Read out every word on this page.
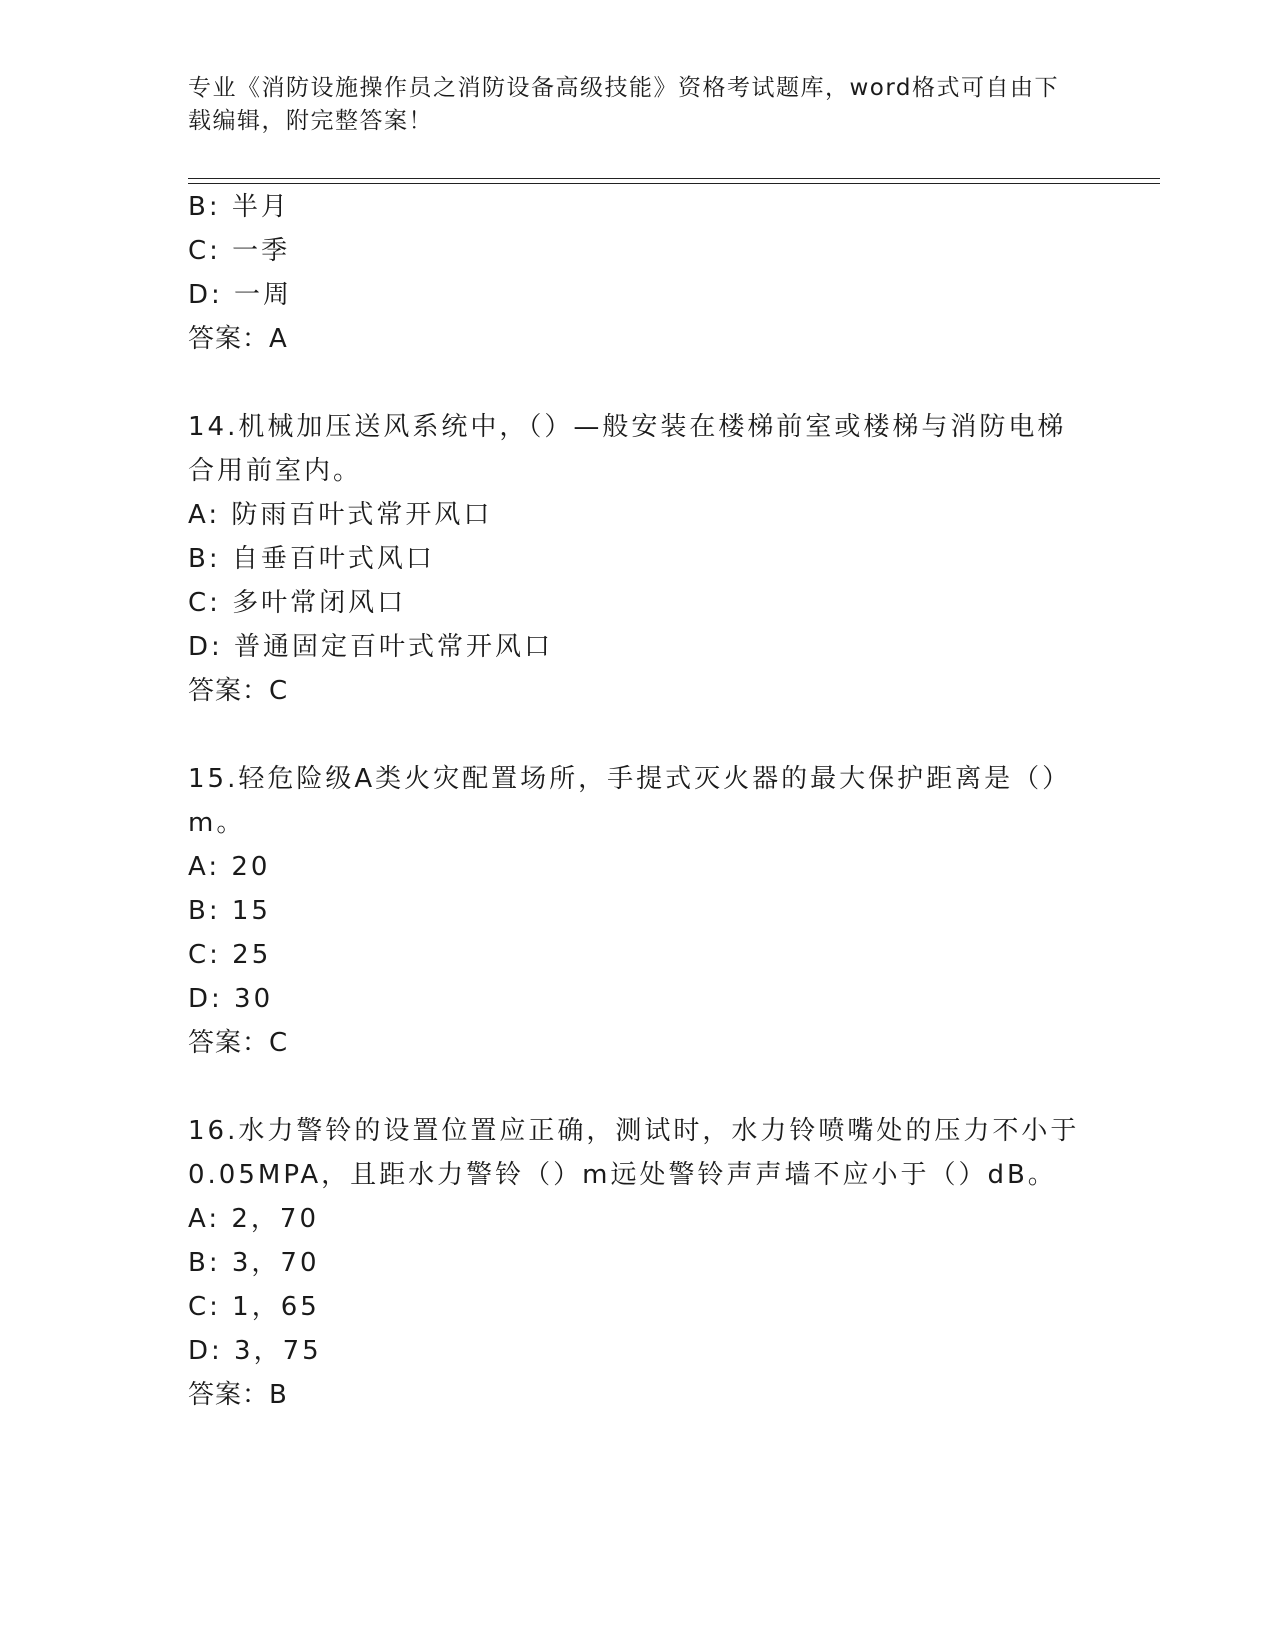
专业《消防设施操作员之消防设备高级技能》资格考试题库，word格式可自由下
载编辑，附完整答案！
B: 半月
C: 一季
D: 一周
答案：A
14.机械加压送风系统中，（）—般安装在楼梯前室或楼梯与消防电梯
合用前室内。
A: 防雨百叶式常开风口
B: 自垂百叶式风口
C: 多叶常闭风口
D: 普通固定百叶式常开风口
答案：C
15.轻危险级A类火灾配置场所，手提式灭火器的最大保护距离是（）
m。
A: 20
B: 15
C: 25
D: 30
答案：C
16.水力警铃的设置位置应正确，测试时，水力铃喷嘴处的压力不小于
0.05MPA，且距水力警铃（）m远处警铃声声墙不应小于（）dB。
A: 2，70
B: 3，70
C: 1，65
D: 3，75
答案：B
